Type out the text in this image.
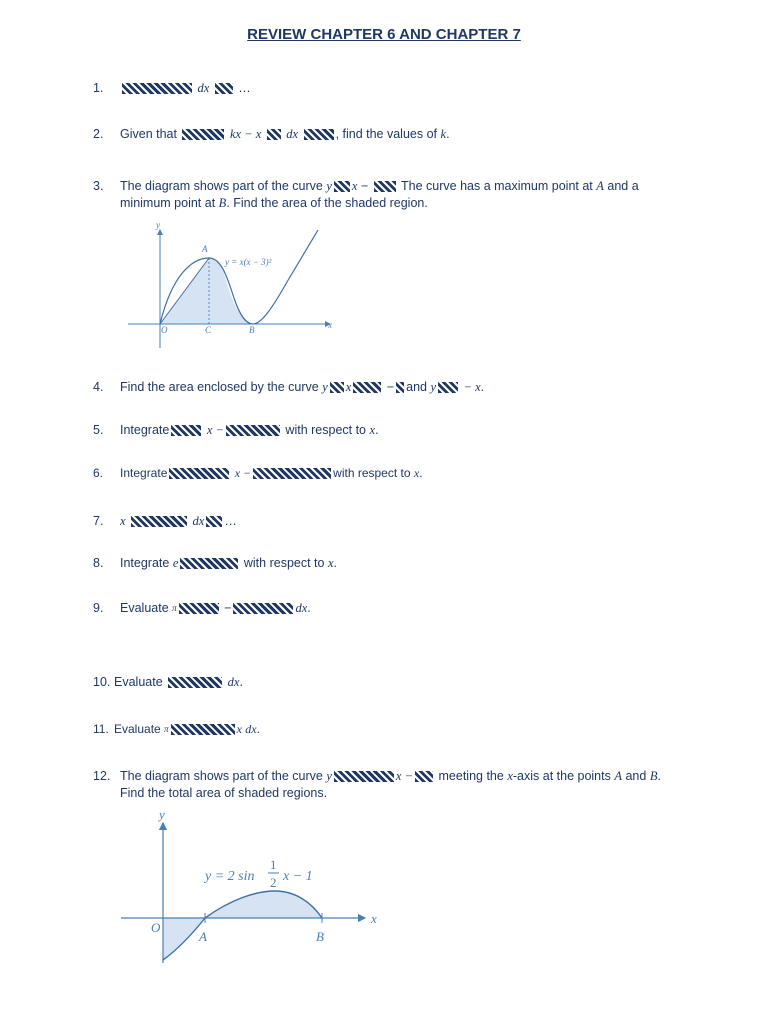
REVIEW CHAPTER 6 AND CHAPTER 7
1.	dx …
2. Given that	kx − x dx	, find the values of k.
3. The diagram shows part of the curve y x −	The curve has a maximum point at A and a minimum point at B. Find the area of the shaded region.
y
x
O
A
B
C
y = x(x − 3)²
4. Find the area enclosed by the curve y x	− and y − x.
5. Integrate	x −	with respect to x.
6. Integrate	x −	with respect to x.
7. x	dx …
8. Integrate e	with respect to x.
9. Evaluate $^\pi$	−	dx.
10. Evaluate	dx.
11. Evaluate $^\pi$	x dx.
12. The diagram shows part of the curve y	x − meeting the x-axis at the points A and B. Find the total area of shaded regions.
y
x
O
A	B
y = 2 sin
1
2 x − 1
